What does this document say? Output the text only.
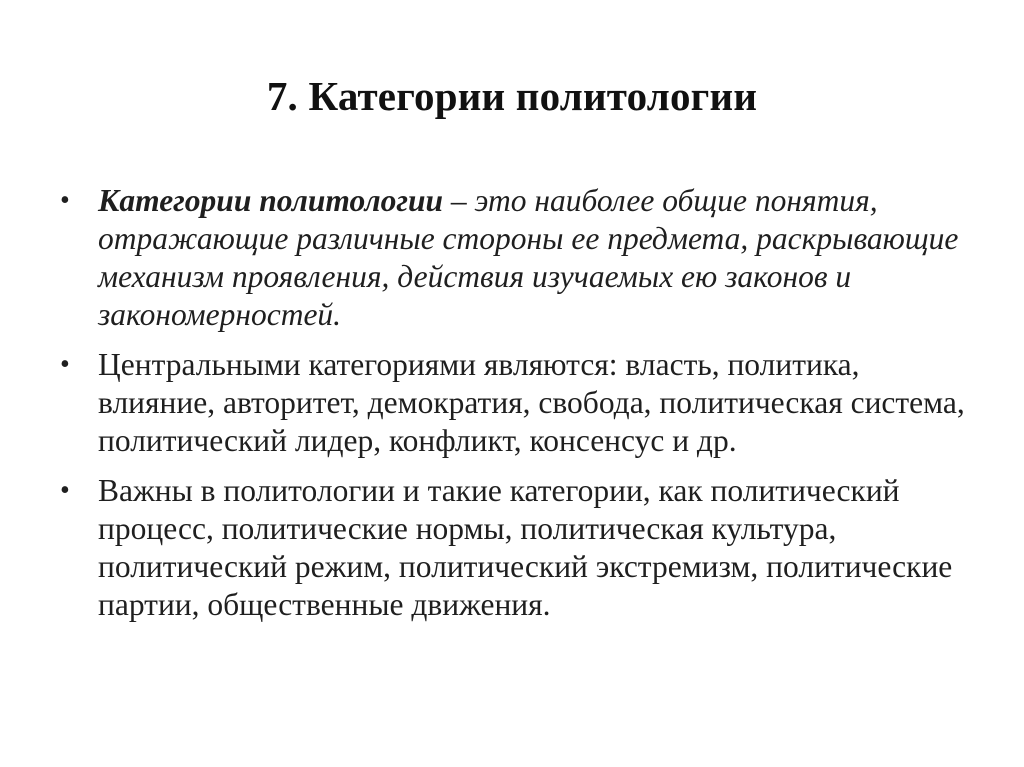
7. Категории политологии
• Категории политологии – это наиболее общие понятия, отражающие различные стороны ее предмета, раскрывающие механизм проявления, действия изучаемых ею законов и закономерностей.
• Центральными категориями являются: власть, политика, влияние, авторитет, демократия, свобода, политическая система, политический лидер, конфликт, консенсус и др.
• Важны в политологии и такие категории, как политический процесс, политические нормы, политическая культура, политический режим, политический экстремизм, политические партии, общественные движения.
